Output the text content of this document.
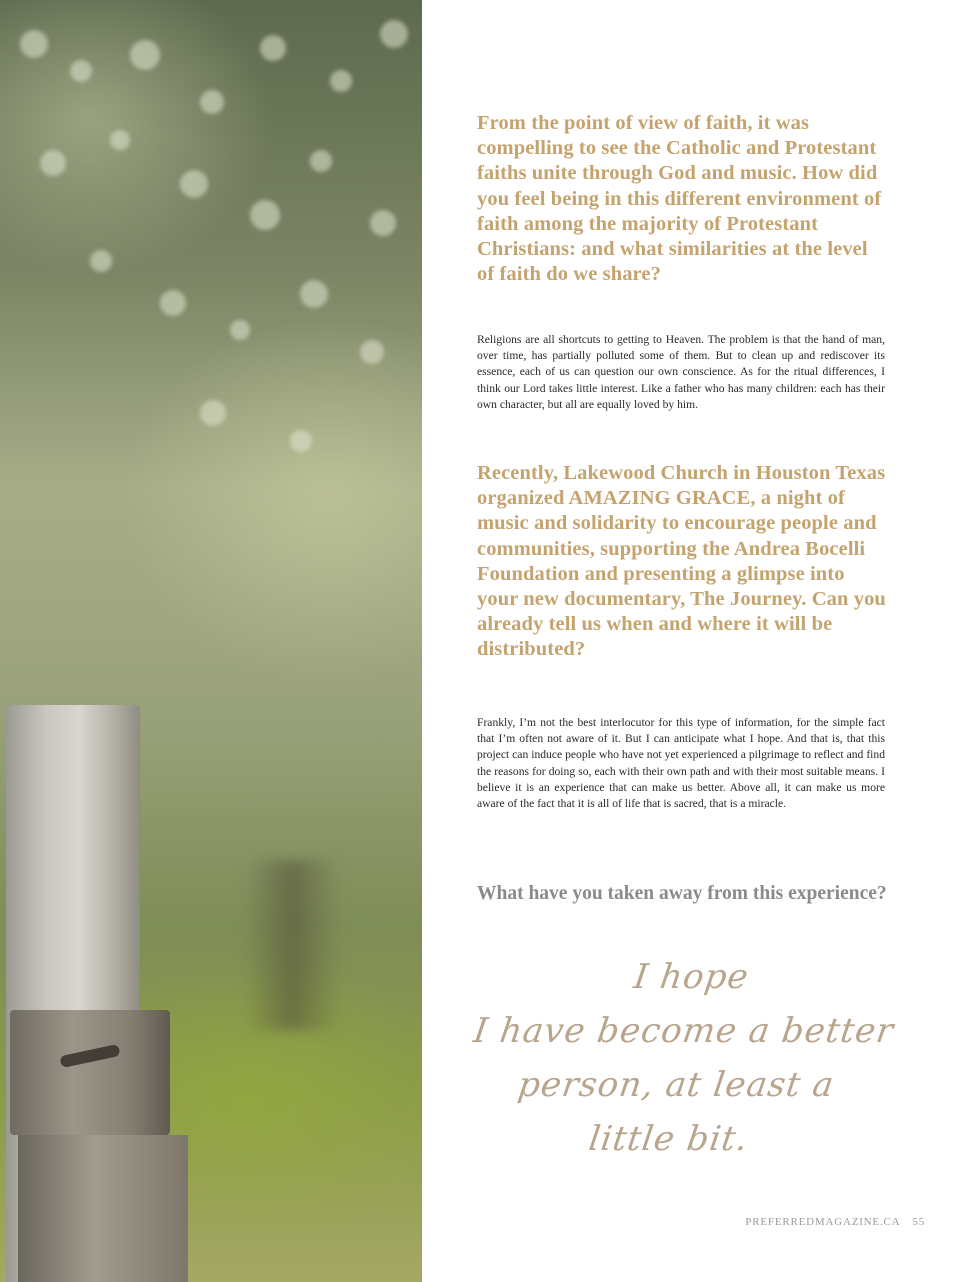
From the point of view of faith, it was compelling to see the Catholic and Protestant faiths unite through God and music. How did you feel being in this different environment of faith among the majority of Protestant Christians: and what similarities at the level of faith do we share?

Religions are all shortcuts to getting to Heaven. The problem is that the hand of man, over time, has partially polluted some of them. But to clean up and rediscover its essence, each of us can question our own conscience. As for the ritual differences, I think our Lord takes little interest. Like a father who has many children: each has their own character, but all are equally loved by him.

Recently, Lakewood Church in Houston Texas organized AMAZING GRACE, a night of music and solidarity to encourage people and communities, supporting the Andrea Bocelli Foundation and presenting a glimpse into your new documentary, The Journey. Can you already tell us when and where it will be distributed?

Frankly, I’m not the best interlocutor for this type of information, for the simple fact that I’m often not aware of it. But I can anticipate what I hope. And that is, that this project can induce people who have not yet experienced a pilgrimage to reflect and find the reasons for doing so, each with their own path and with their most suitable means. I believe it is an experience that can make us better. Above all, it can make us more aware of the fact that it is all of life that is sacred, that is a miracle.

What have you taken away from this experience?
I hope
I have become a better
person, at least a
little bit.
PREFERREDMAGAZINE.CA 55
